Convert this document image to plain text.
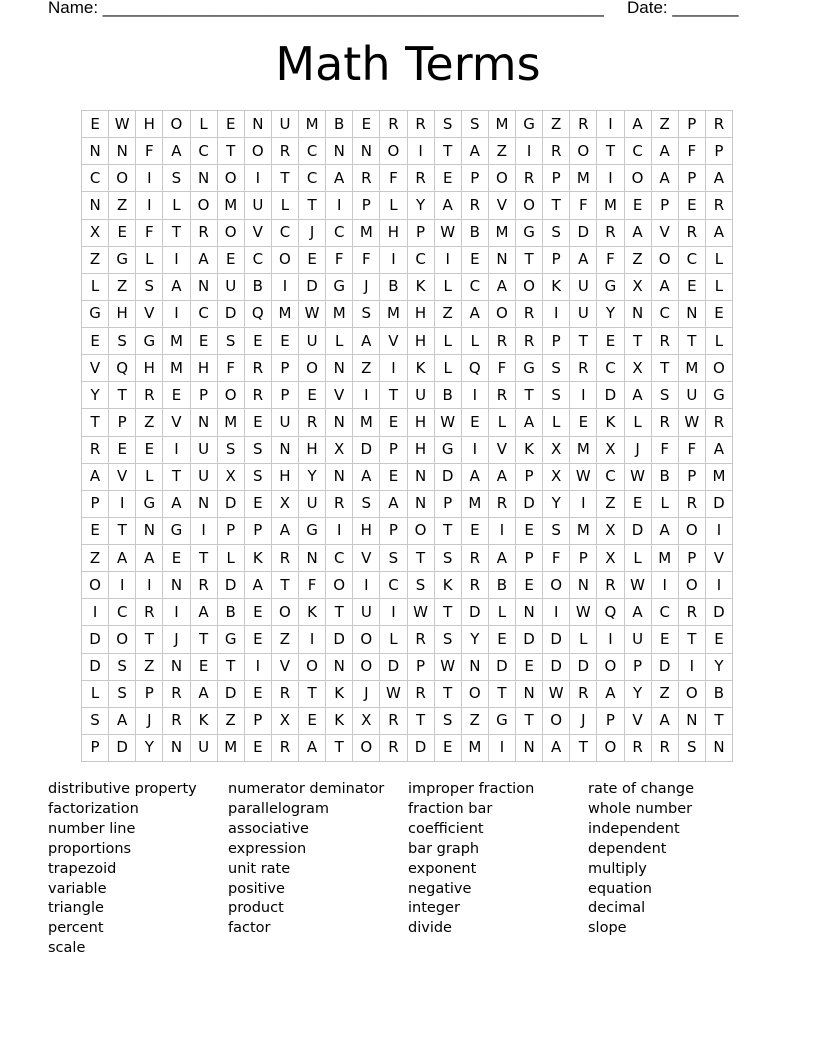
Name: _____________________________________________________ Date: _______
Math Terms
E W H	O	L	E	N	U	M	B	E	R	R	S	S	M G	Z	R	I	A	Z	P	R
N	N	F	A	C	T	O	R	C	N	N	O	I	T	A	Z	I	R	O	T	C	A	F	P
C	O	I	S	N	O	I	T	C	A	R	F	R	E	P	O	R	P	M	I	O	A	P	A
N	Z	I	L	O M	U	L	T	I	P	L	Y	A	R	V	O	T	F	M	E	P	E	R
X	E	F	T	R	O	V	C	J	C	M	H	P	W B	M G	S	D	R	A	V	R	A
Z	G	L	I	A	E	C	O	E	F	F	I	C	I	E	N	T	P	A	F	Z	O	C	L
L	Z	S	A	N	U	B	I	D	G	J	B	K	L	C	A	O	K	U	G	X	A	E	L
G	H	V	I	C	D	Q M W M	S	M	H	Z	A	O	R	I	U	Y	N	C	N	E
E	S	G M	E	S	E	E	U	L	A	V	H	L	L	R	R	P	T	E	T	R	T	L
V	Q	H	M	H	F	R	P	O	N	Z	I	K	L	Q	F	G	S	R	C	X	T	M O
Y	T	R	E	P	O	R	P	E	V	I	T	U	B	I	R	T	S	I	D	A	S	U	G
T	P	Z	V	N	M	E	U	R	N	M	E	H W E	L	A	L	E	K	L	R W R
R	E	E	I	U	S	S	N	H	X	D	P	H	G	I	V	K	X	M	X	J	F	F	A
A	V	L	T	U	X	S	H	Y	N	A	E	N	D	A	A	P	X W C W B	P	M
P	I	G	A	N	D	E	X	U	R	S	A	N	P	M	R	D	Y	I	Z	E	L	R	D
E	T	N	G	I	P	P	A	G	I	H	P	O	T	E	I	E	S	M	X	D	A	O	I
Z	A	A	E	T	L	K	R	N	C	V	S	T	S	R	A	P	F	P	X	L	M	P	V
O	I	I	N	R	D	A	T	F	O	I	C	S	K	R	B	E	O	N	R W	I	O	I
I	C	R	I	A	B	E	O	K	T	U	I	W	T	D	L	N	I	W Q	A	C	R	D
D	O	T	J	T	G	E	Z	I	D	O	L	R	S	Y	E	D	D	L	I	U	E	T	E
D	S	Z	N	E	T	I	V	O	N	O	D	P	W N	D	E	D	D	O	P	D	I	Y
L	S	P	R	A	D	E	R	T	K	J	W R	T	O	T	N W R	A	Y	Z	O	B
S	A	J	R	K	Z	P	X	E	K	X	R	T	S	Z	G	T	O	J	P	V	A	N	T
P	D	Y	N	U	M	E	R	A	T	O	R	D	E	M	I	N	A	T	O	R	R	S	N
distributive property
factorization
number line
proportions
trapezoid
variable
triangle
percent
scale
numerator deminator
parallelogram
associative
expression
unit rate
positive
product
factor
improper fraction
fraction bar
coefficient
bar graph
exponent
negative
integer
divide
rate of change
whole number
independent
dependent
multiply
equation
decimal
slope
